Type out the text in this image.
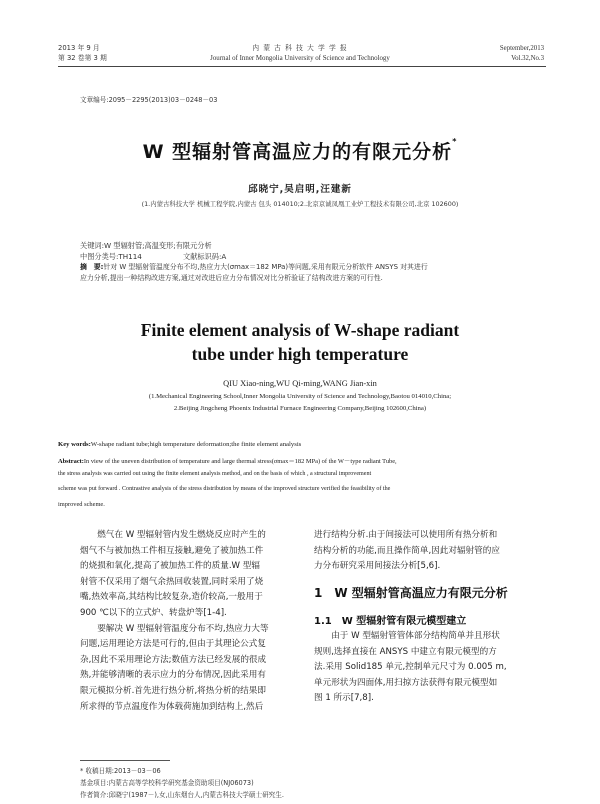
2013 年 9 月
第 32 卷第 3 期
内 蒙 古 科 技 大 学 学 报
Journal of Inner Mongolia University of Science and Technology
September,2013
Vol.32,No.3
文章编号:2095－2295(2013)03－0248－03
W 型辐射管高温应力的有限元分析*
邱晓宁,吴启明,汪建新
(1.内蒙古科技大学 机械工程学院,内蒙古 包头 014010;2.北京京诚凤凰工业炉工程技术有限公司,北京 102600)
关键词:W 型辐射管;高温变形;有限元分析
中图分类号:TH114	文献标识码:A
摘　要:针对 W 型辐射管温度分布不均,热应力大(σmax＝182 MPa)等问题,采用有限元分析软件 ANSYS 对其进行
应力分析,提出一种结构改进方案,通过对改进后应力分布情况对比分析验证了结构改进方案的可行性.
Finite element analysis of W-shape radiant
tube under high temperature
QIU Xiao-ning,WU Qi-ming,WANG Jian-xin
(1.Mechanical Engineering School,Inner Mongolia University of Science and Technology,Baotou 014010,China;
2.Beijing Jingcheng Phoenix Industrial Furnace Engineering Company,Beijing 102600,China)
Key words:W-shape radiant tube;high temperature deformation;the finite element analysis
Abstract:In view of the uneven distribution of temperature and large thermal stress(σmax＝182 MPa) of the W－type radiant Tube,
the stress analysis was carried out using the finite element analysis method, and on the basis of which , a structural improvement
scheme was put forward . Contrastive analysis of the stress distribution by means of the improved structure verified the feasibility of the
improved scheme.
　　燃气在 W 型辐射管内发生燃烧反应时产生的
烟气不与被加热工件相互接触,避免了被加热工件
的烧损和氧化,提高了被加热工件的质量.W 型辐
射管不仅采用了烟气余热回收装置,同时采用了烧
嘴,热效率高,其结构比较复杂,造价较高,一般用于
900 ℃以下的立式炉、转盘炉等[1-4].
　　要解决 W 型辐射管温度分布不均,热应力大等
问题,运用理论方法是可行的,但由于其理论公式复
杂,因此不采用理论方法;数值方法已经发展的很成
熟,并能够清晰的表示应力的分布情况,因此采用有
限元模拟分析.首先进行热分析,将热分析的结果即
所求得的节点温度作为体载荷施加到结构上,然后
进行结构分析.由于间接法可以使用所有热分析和
结构分析的功能,而且操作简单,因此对辐射管的应
力分布研究采用间接法分析[5,6].
1　W 型辐射管高温应力有限元分析
1.1　W 型辐射管有限元模型建立
　　由于 W 型辐射管管体部分结构简单并且形状
规则,选择直接在 ANSYS 中建立有限元模型的方
法.采用 Solid185 单元,控制单元尺寸为 0.005 m,
单元形状为四面体,用扫掠方法获得有限元模型如
图 1 所示[7,8].
* 收稿日期:2013－03－06
基金项目:内蒙古高等学校科学研究基金资助项目(NJ06073)
作者简介:邱晓宁(1987－),女,山东烟台人,内蒙古科技大学硕士研究生.
